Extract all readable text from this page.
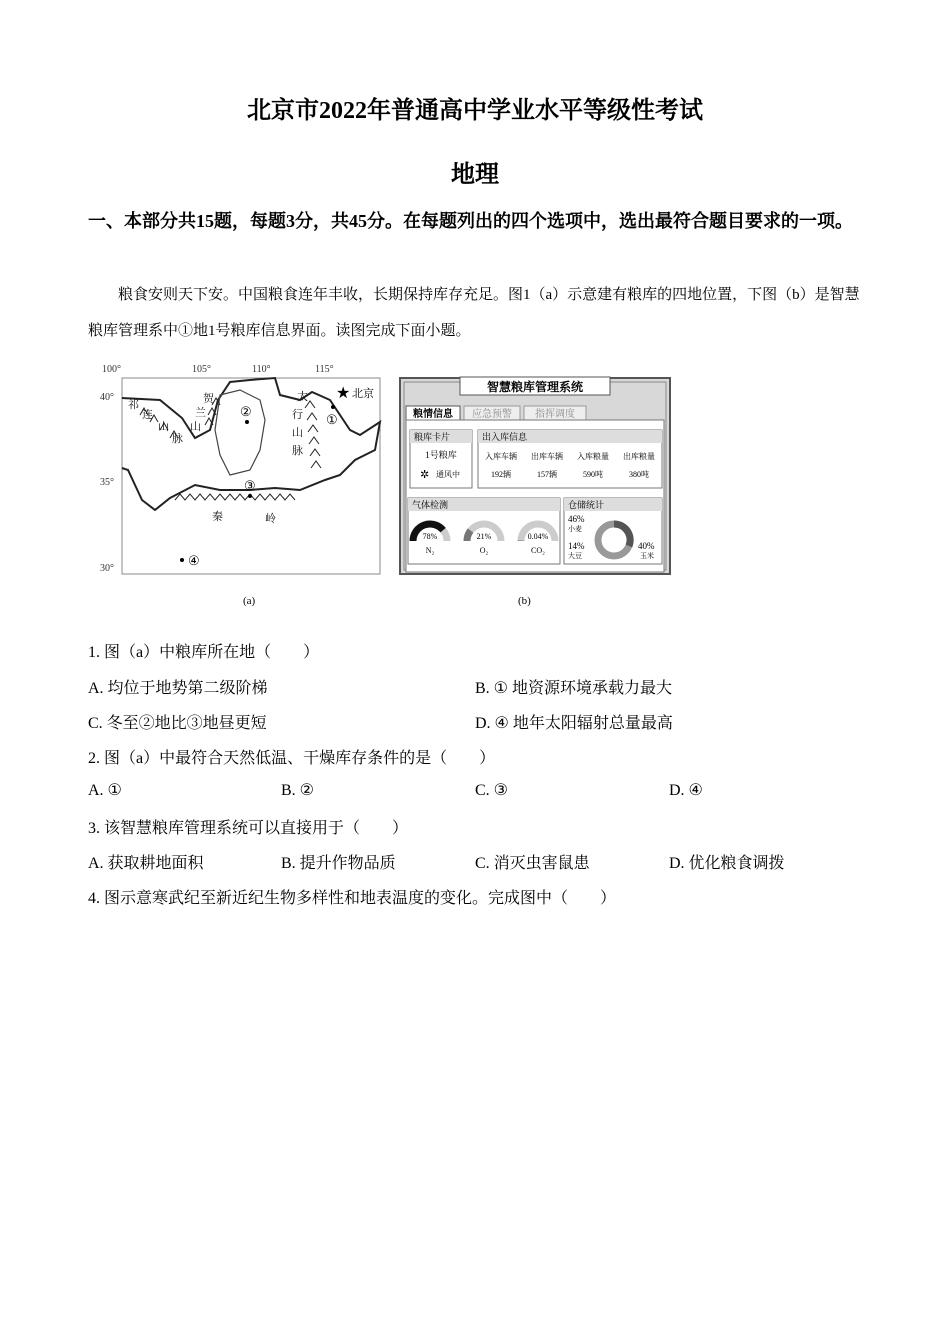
北京市2022年普通高中学业水平等级性考试
地理
一、本部分共15题，每题3分，共45分。在每题列出的四个选项中，选出最符合题目要求的一项。
粮食安则天下安。中国粮食连年丰收，长期保持库存充足。图1（a）示意建有粮库的四地位置，下图（b）是智慧粮库管理系中①地1号粮库信息界面。读图完成下面小题。
100°	105°	110°	115°
40°
35°
30°
祁
连
山
脉
贺
兰
山
太
行
山
脉
秦	岭
★ 北京
①
②
③
④
(a)
智慧粮库管理系统
粮情信息 应急预警 指挥调度
粮库卡片
1号粮库
✲ 通风中
出入库信息
入库车辆 出库车辆 入库粮量 出库粮量
192辆	157辆	590吨	380吨
气体检测
78%
N₂
21%
O₂
0.04%
CO₂
仓储统计
46%
小麦
14%
大豆
40%
玉米
(b)
1. 图（a）中粮库所在地（　　）
A. 均位于地势第二级阶梯	B. ① 地资源环境承载力最大
C. 冬至②地比③地昼更短	D. ④ 地年太阳辐射总量最高
2. 图（a）中最符合天然低温、干燥库存条件的是（　　）
A. ①	B. ②	C. ③	D. ④
3. 该智慧粮库管理系统可以直接用于（　　）
A. 获取耕地面积	B. 提升作物品质	C. 消灭虫害鼠患	D. 优化粮食调拨
4. 图示意寒武纪至新近纪生物多样性和地表温度的变化。完成图中（　　）
